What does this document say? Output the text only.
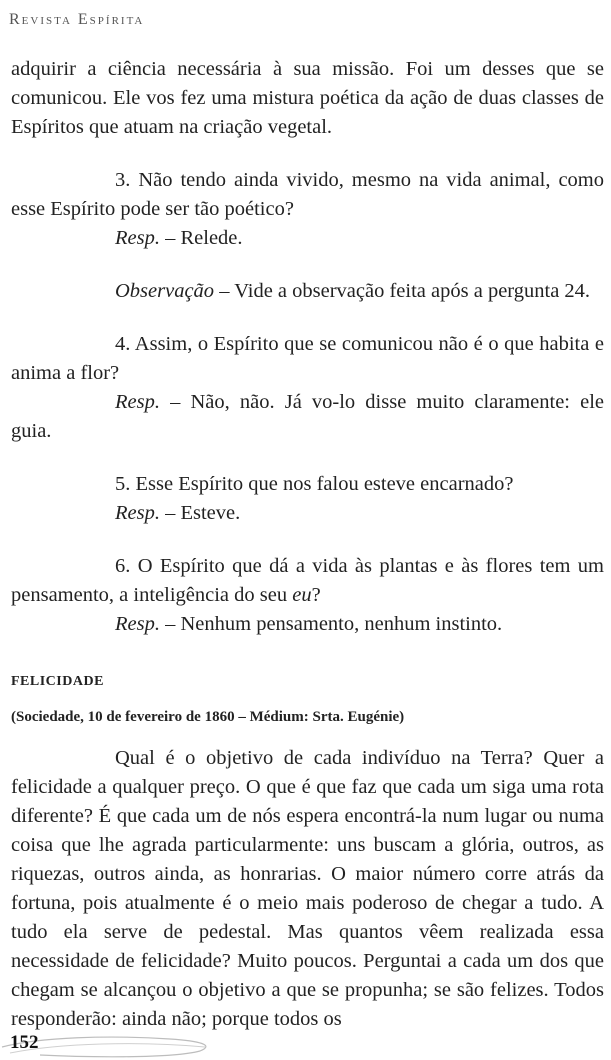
Revista Espírita

adquirir a ciência necessária à sua missão. Foi um desses que se comunicou. Ele vos fez uma mistura poética da ação de duas classes de Espíritos que atuam na criação vegetal.

3. Não tendo ainda vivido, mesmo na vida animal, como esse Espírito pode ser tão poético?

Resp. – Relede.

Observação – Vide a observação feita após a pergunta 24.

4. Assim, o Espírito que se comunicou não é o que habita e anima a flor?

Resp. – Não, não. Já vo-lo disse muito claramente: ele guia.

5. Esse Espírito que nos falou esteve encarnado?

Resp. – Esteve.

6. O Espírito que dá a vida às plantas e às flores tem um pensamento, a inteligência do seu eu?

Resp. – Nenhum pensamento, nenhum instinto.

FELICIDADE

(Sociedade, 10 de fevereiro de 1860 – Médium: Srta. Eugénie)

Qual é o objetivo de cada indivíduo na Terra? Quer a felicidade a qualquer preço. O que é que faz que cada um siga uma rota diferente? É que cada um de nós espera encontrá-la num lugar ou numa coisa que lhe agrada particularmente: uns buscam a glória, outros, as riquezas, outros ainda, as honrarias. O maior número corre atrás da fortuna, pois atualmente é o meio mais poderoso de chegar a tudo. A tudo ela serve de pedestal. Mas quantos vêem realizada essa necessidade de felicidade? Muito poucos. Perguntai a cada um dos que chegam se alcançou o objetivo a que se propunha; se são felizes. Todos responderão: ainda não; porque todos os

152
